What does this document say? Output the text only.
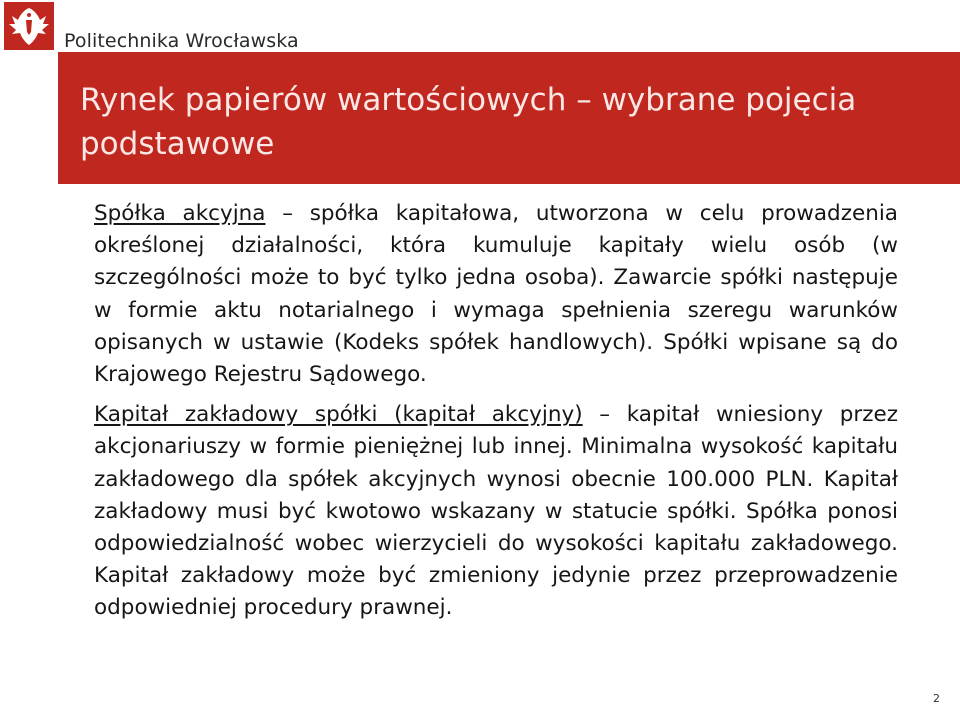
Politechnika Wrocławska
Rynek papierów wartościowych – wybrane pojęcia podstawowe

Spółka akcyjna – spółka kapitałowa, utworzona w celu prowadzenia określonej działalności, która kumuluje kapitały wielu osób (w szczególności może to być tylko jedna osoba). Zawarcie spółki następuje w formie aktu notarialnego i wymaga spełnienia szeregu warunków opisanych w ustawie (Kodeks spółek handlowych). Spółki wpisane są do Krajowego Rejestru Sądowego.

Kapitał zakładowy spółki (kapitał akcyjny) – kapitał wniesiony przez akcjonariuszy w formie pieniężnej lub innej. Minimalna wysokość kapitału zakładowego dla spółek akcyjnych wynosi obecnie 100.000 PLN. Kapitał zakładowy musi być kwotowo wskazany w statucie spółki. Spółka ponosi odpowiedzialność wobec wierzycieli do wysokości kapitału zakładowego. Kapitał zakładowy może być zmieniony jedynie przez przeprowadzenie odpowiedniej procedury prawnej.

2
